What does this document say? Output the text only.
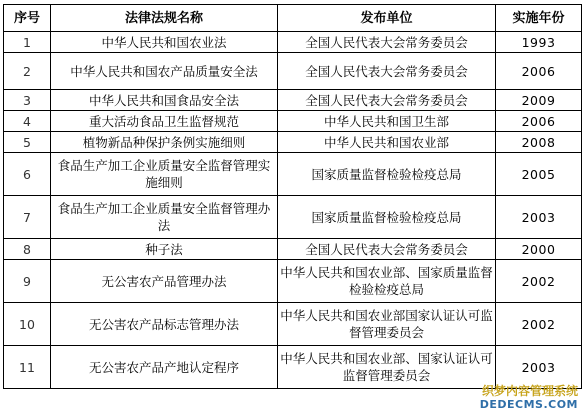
序号	法律法规名称	发布单位	实施年份
1	中华人民共和国农业法	全国人民代表大会常务委员会	1993
2	中华人民共和国农产品质量安全法	全国人民代表大会常务委员会	2006
3	中华人民共和国食品安全法	全国人民代表大会常务委员会	2009
4	重大活动食品卫生监督规范	中华人民共和国卫生部	2006
5	植物新品种保护条例实施细则	中华人民共和国农业部	2008
6	食品生产加工企业质量安全监督管理实施细则	国家质量监督检验检疫总局	2005
7	食品生产加工企业质量安全监督管理办法	国家质量监督检验检疫总局	2003
8	种子法	全国人民代表大会常务委员会	2000
9	无公害农产品管理办法	中华人民共和国农业部、国家质量监督检验检疫总局	2002
10	无公害农产品标志管理办法	中华人民共和国农业部国家认证认可监督管理委员会	2002
11	无公害农产品产地认定程序	中华人民共和国农业部、国家认证认可监督管理委员会	2003
织梦内容管理系统
DEDECMS.COM
